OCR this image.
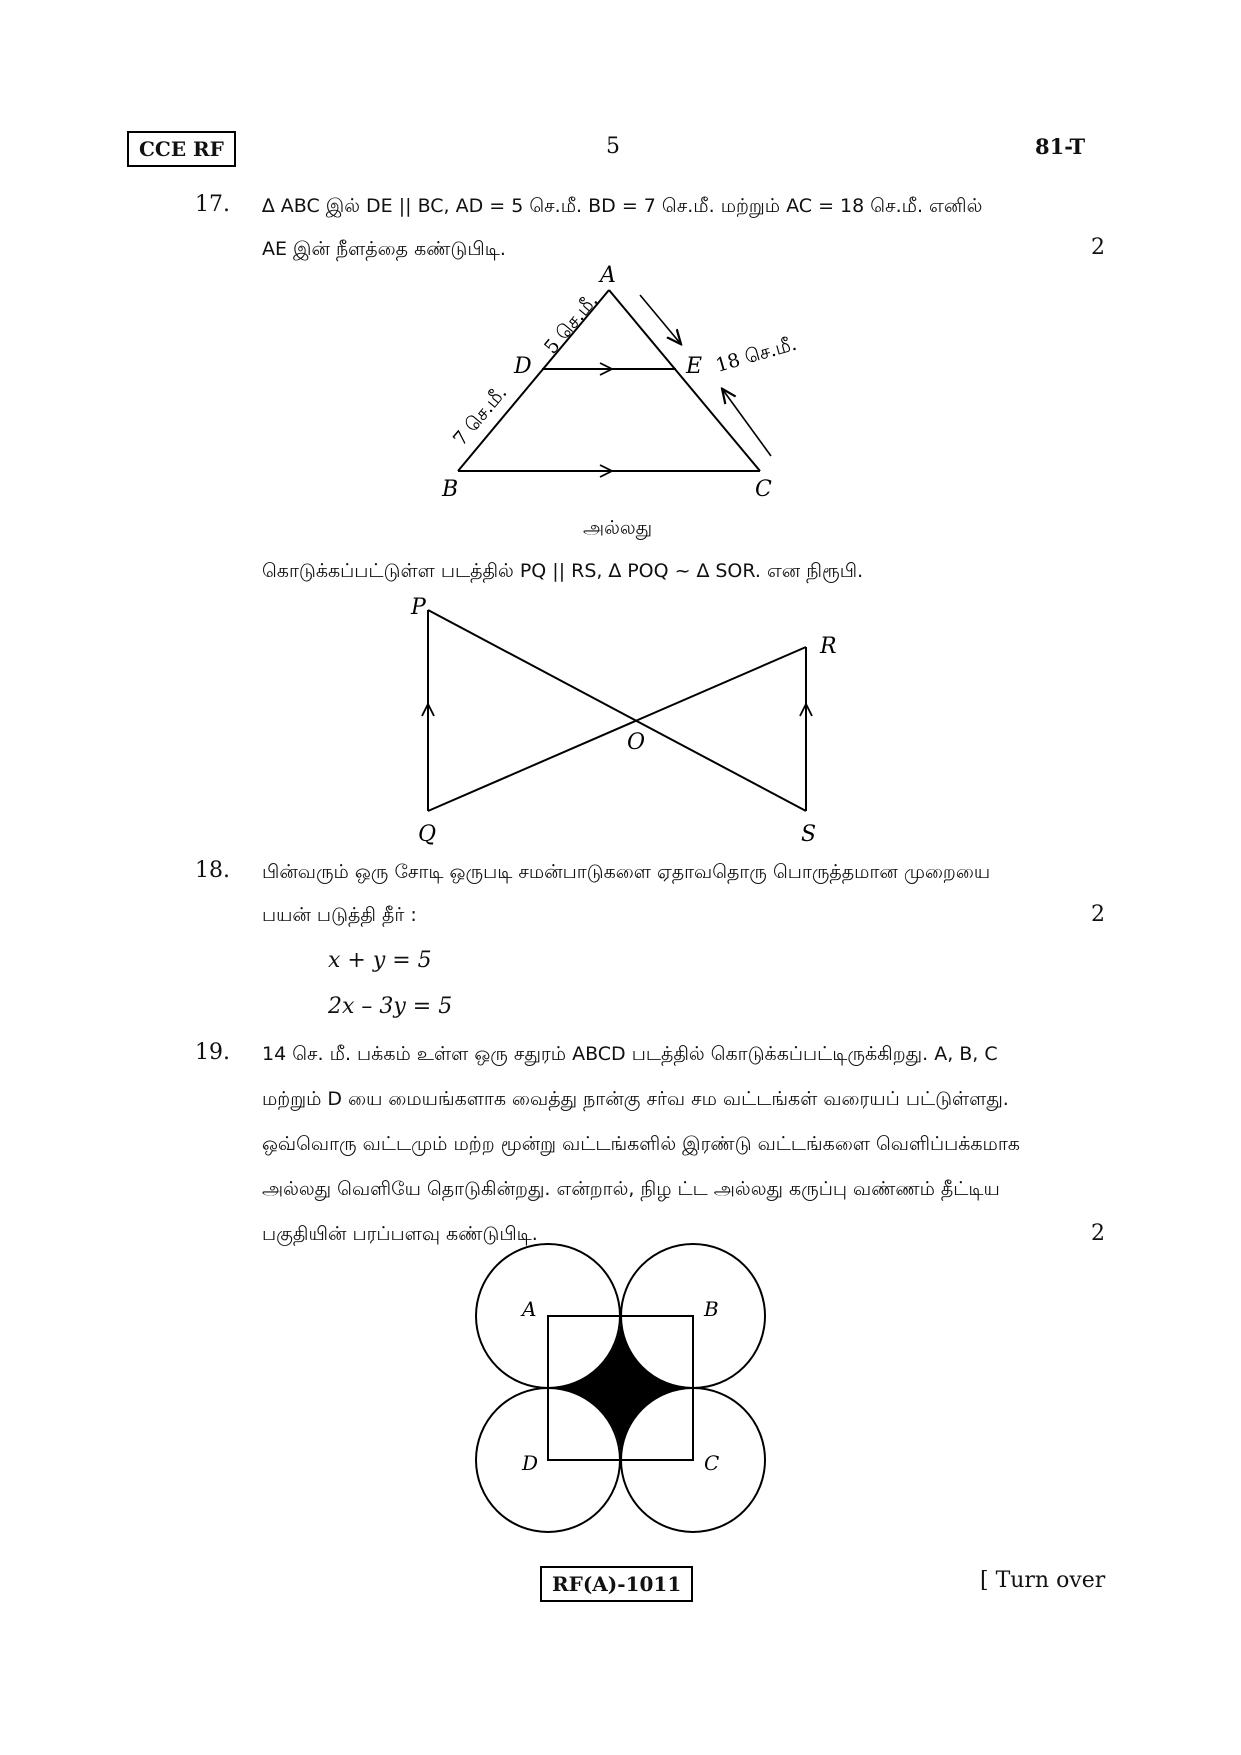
CCE RF	5	81-T
17. ∆ ABC இல் DE || BC, AD = 5 செ.மீ. BD = 7 செ.மீ. மற்றும் AC = 18 செ.மீ. எனில்
AE இன் நீளத்தை கண்டுபிடி.	2
A
B	C
D	E
5 செ.மீ.
7 செ.மீ.
18 செ.மீ.
அல்லது
கொடுக்கப்பட்டுள்ள படத்தில் PQ || RS, ∆ POQ ~ ∆ SOR. என நிரூபி.
P
Q
R
S
O
18. பின்வரும் ஒரு சோடி ஒருபடி சமன்பாடுகளை ஏதாவதொரு பொருத்தமான முறையை
பயன் படுத்தி தீர் :	2
x + y = 5
2x – 3y = 5
19. 14 செ. மீ. பக்கம் உள்ள ஒரு சதுரம் ABCD படத்தில் கொடுக்கப்பட்டிருக்கிறது. A, B, C
மற்றும் D யை மையங்களாக வைத்து நான்கு சர்வ சம வட்டங்கள் வரையப் பட்டுள்ளது.
ஒவ்வொரு வட்டமும் மற்ற மூன்று வட்டங்களில் இரண்டு வட்டங்களை வெளிப்பக்கமாக
அல்லது வெளியே தொடுகின்றது. என்றால், நிழ ட்ட அல்லது கருப்பு வண்ணம் தீட்டிய
பகுதியின் பரப்பளவு கண்டுபிடி.	2
A	B
C
D
RF(A)-1011	[ Turn over
